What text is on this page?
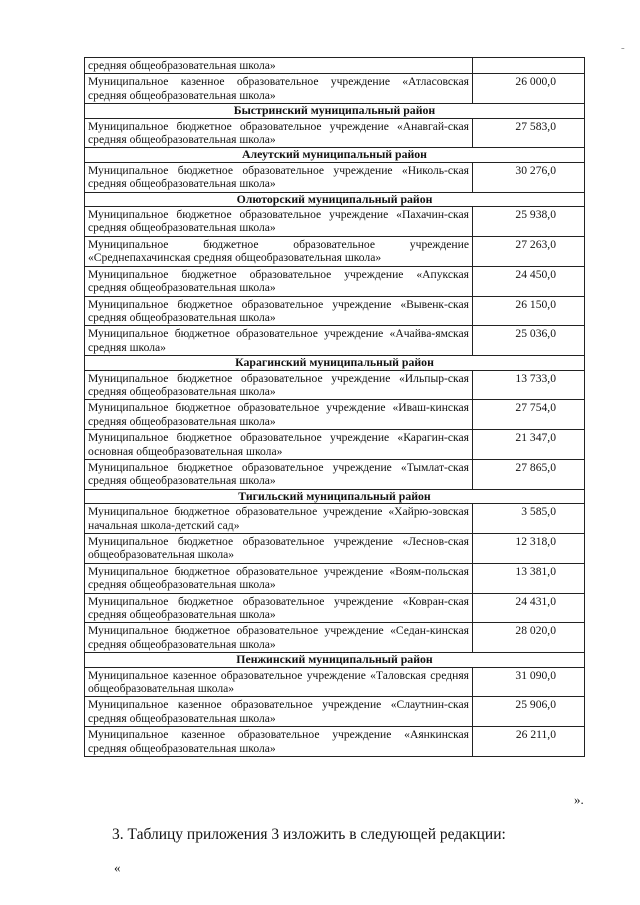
средняя общеобразовательная школа»	
Муниципальное казенное образовательное учреждение «Атласовская средняя общеобразовательная школа»	26 000,0
Быстринский муниципальный район	
Муниципальное бюджетное образовательное учреждение «Анавгай-ская средняя общеобразовательная школа»	27 583,0
Алеутский муниципальный район	
Муниципальное бюджетное образовательное учреждение «Николь-ская средняя общеобразовательная школа»	30 276,0
Олюторский муниципальный район	
Муниципальное бюджетное образовательное учреждение «Пахачин-ская средняя общеобразовательная школа»	25 938,0
Муниципальное бюджетное образовательное учреждение «Среднепахачинская средняя общеобразовательная школа»	27 263,0
Муниципальное бюджетное образовательное учреждение «Апукская средняя общеобразовательная школа»	24 450,0
Муниципальное бюджетное образовательное учреждение «Вывенк-ская средняя общеобразовательная школа»	26 150,0
Муниципальное бюджетное образовательное учреждение «Ачайва-ямская средняя школа»	25 036,0
Карагинский муниципальный район	
Муниципальное бюджетное образовательное учреждение «Ильпыр-ская средняя общеобразовательная школа»	13 733,0
Муниципальное бюджетное образовательное учреждение «Иваш-кинская средняя общеобразовательная школа»	27 754,0
Муниципальное бюджетное образовательное учреждение «Карагин-ская основная общеобразовательная школа»	21 347,0
Муниципальное бюджетное образовательное учреждение «Тымлат-ская средняя общеобразовательная школа»	27 865,0
Тигильский муниципальный район	
Муниципальное бюджетное образовательное учреждение «Хайрю-зовская начальная школа-детский сад»	3 585,0
Муниципальное бюджетное образовательное учреждение «Леснов-ская общеобразовательная школа»	12 318,0
Муниципальное бюджетное образовательное учреждение «Воям-польская средняя общеобразовательная школа»	13 381,0
Муниципальное бюджетное образовательное учреждение «Ковран-ская средняя общеобразовательная школа»	24 431,0
Муниципальное бюджетное образовательное учреждение «Седан-кинская средняя общеобразовательная школа»	28 020,0
Пенжинский муниципальный район	
Муниципальное казенное образовательное учреждение «Таловская средняя общеобразовательная школа»	31 090,0
Муниципальное казенное образовательное учреждение «Слаутнин-ская средняя общеобразовательная школа»	25 906,0
Муниципальное казенное образовательное учреждение «Аянкинская средняя общеобразовательная школа»	26 211,0
-
».
3. Таблицу приложения 3 изложить в следующей редакции:
«
